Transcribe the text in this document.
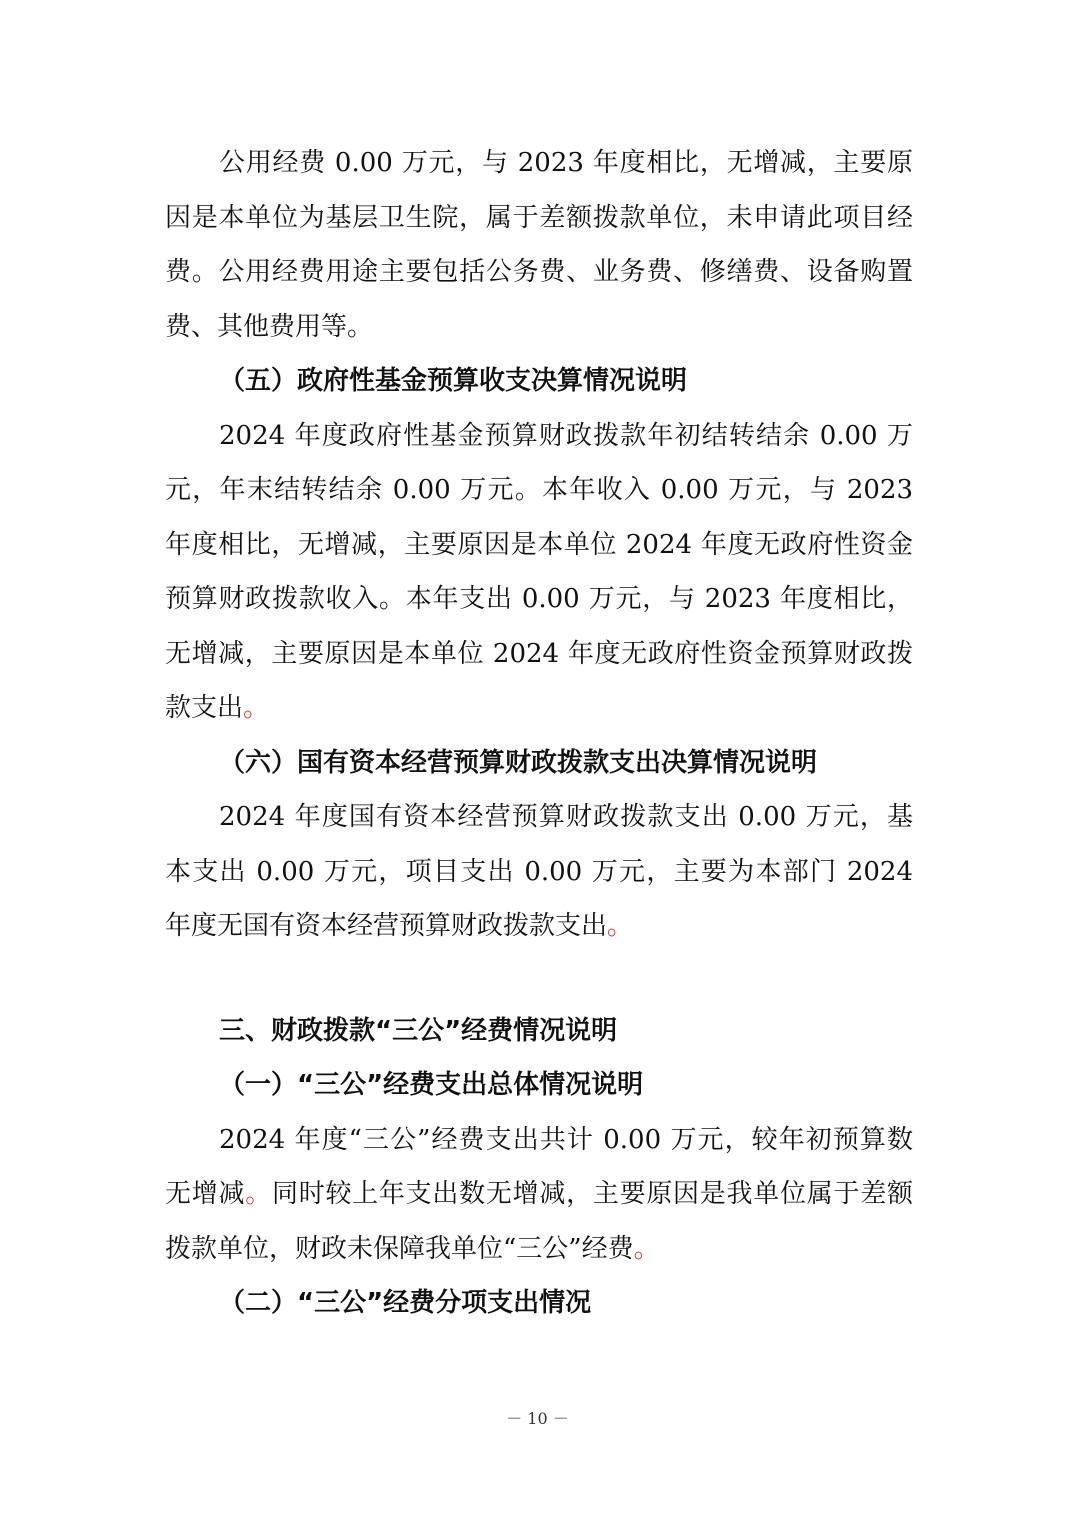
公用经费 0.00 万元，与 2023 年度相比，无增减，主要原因是本单位为基层卫生院，属于差额拨款单位，未申请此项目经费。公用经费用途主要包括公务费、业务费、修缮费、设备购置费、其他费用等。

（五）政府性基金预算收支决算情况说明

2024 年度政府性基金预算财政拨款年初结转结余 0.00 万元，年末结转结余 0.00 万元。本年收入 0.00 万元，与 2023 年度相比，无增减，主要原因是本单位 2024 年度无政府性资金预算财政拨款收入。本年支出 0.00 万元，与 2023 年度相比，无增减，主要原因是本单位 2024 年度无政府性资金预算财政拨款支出。

（六）国有资本经营预算财政拨款支出决算情况说明

2024 年度国有资本经营预算财政拨款支出 0.00 万元，基本支出 0.00 万元，项目支出 0.00 万元，主要为本部门 2024 年度无国有资本经营预算财政拨款支出。

三、财政拨款“三公”经费情况说明

（一）“三公”经费支出总体情况说明

2024 年度“三公”经费支出共计 0.00 万元，较年初预算数无增减。同时较上年支出数无增减，主要原因是我单位属于差额拨款单位，财政未保障我单位“三公”经费。

（二）“三公”经费分项支出情况

－ 10 －
